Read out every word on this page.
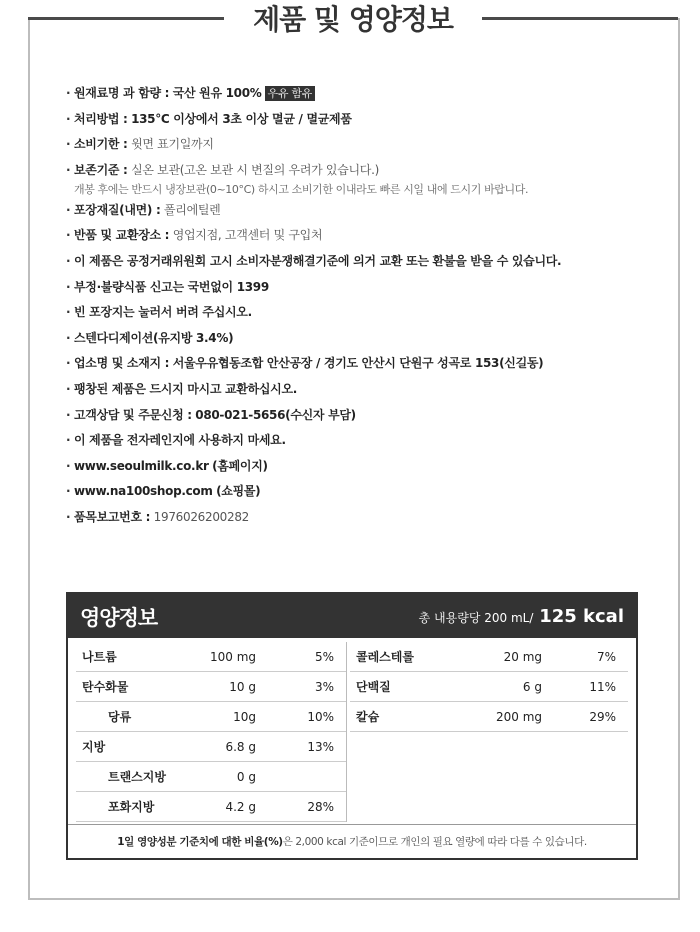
제품 및 영양정보
· 원재료명 과 함량 : 국산 원유 100% 우유 함유
· 처리방법 : 135°C 이상에서 3초 이상 멸균 / 멸균제품
· 소비기한 : 윗면 표기일까지
· 보존기준 : 실온 보관(고온 보관 시 변질의 우려가 있습니다.)
개봉 후에는 반드시 냉장보관(0~10°C) 하시고 소비기한 이내라도 빠른 시일 내에 드시기 바랍니다.
· 포장재질(내면) : 폴리에틸렌
· 반품 및 교환장소 : 영업지점, 고객센터 및 구입처
· 이 제품은 공정거래위원회 고시 소비자분쟁해결기준에 의거 교환 또는 환불을 받을 수 있습니다.
· 부정·불량식품 신고는 국번없이 1399
· 빈 포장지는 눌러서 버려 주십시오.
· 스텐다디제이션(유지방 3.4%)
· 업소명 및 소재지 : 서울우유협동조합 안산공장 / 경기도 안산시 단원구 성곡로 153(신길동)
· 팽창된 제품은 드시지 마시고 교환하십시오.
· 고객상담 및 주문신청 : 080-021-5656(수신자 부담)
· 이 제품을 전자레인지에 사용하지 마세요.
· www.seoulmilk.co.kr (홈페이지)
· www.na100shop.com (쇼핑몰)
· 품목보고번호 : 1976026200282
영양정보	총 내용량당 200 mL/ 125 kcal
나트륨	100 mg	5%
탄수화물	10 g	3%
당류	10g	10%
지방	6.8 g	13%
트랜스지방	0 g
포화지방	4.2 g	28%
콜레스테롤	20 mg	7%
단백질	6 g	11%
칼슘	200 mg	29%
1일 영양성분 기준치에 대한 비율(%)은 2,000 kcal 기준이므로 개인의 필요 열량에 따라 다를 수 있습니다.
